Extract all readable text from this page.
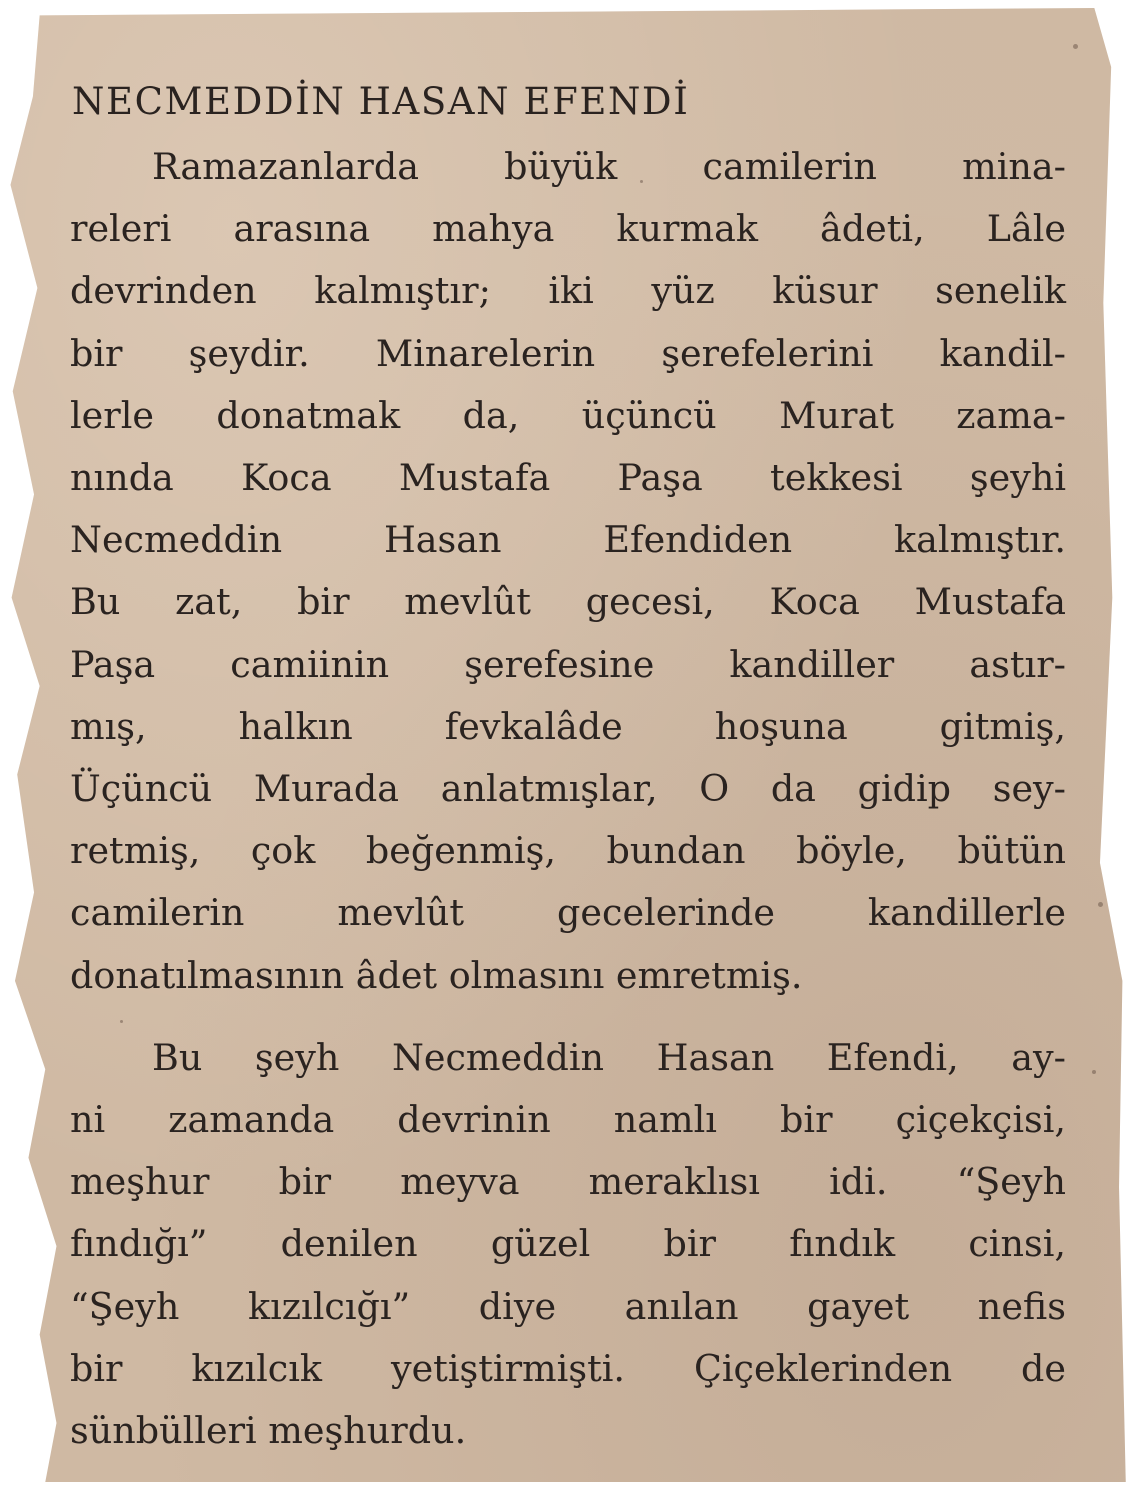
NECMEDDİN HASAN EFENDİ

Ramazanlarda büyük camilerin mina-
releri arasına mahya kurmak âdeti, Lâle
devrinden kalmıştır; iki yüz küsur senelik
bir şeydir. Minarelerin şerefelerini kandil-
lerle donatmak da, üçüncü Murat zama-
nında Koca Mustafa Paşa tekkesi şeyhi
Necmeddin Hasan Efendiden kalmıştır.
Bu zat, bir mevlût gecesi, Koca Mustafa
Paşa camiinin şerefesine kandiller astır-
mış, halkın fevkalâde hoşuna gitmiş,
Üçüncü Murada anlatmışlar, O da gidip sey-
retmiş, çok beğenmiş, bundan böyle, bütün
camilerin mevlût gecelerinde kandillerle
donatılmasının âdet olmasını emretmiş.

Bu şeyh Necmeddin Hasan Efendi, ay-
ni zamanda devrinin namlı bir çiçekçisi,
meşhur bir meyva meraklısı idi. “Şeyh
fındığı” denilen güzel bir fındık cinsi,
“Şeyh kızılcığı” diye anılan gayet nefis
bir kızılcık yetiştirmişti. Çiçeklerinden de
sünbülleri meşhurdu.
